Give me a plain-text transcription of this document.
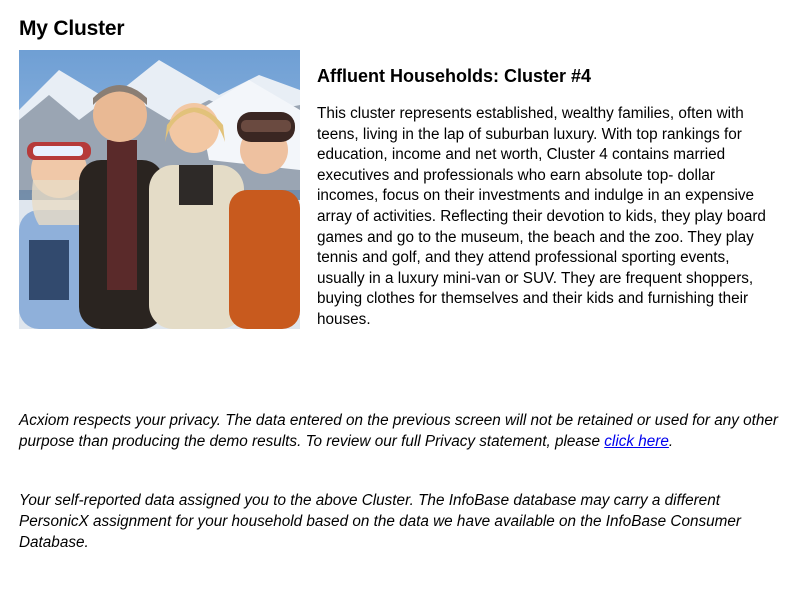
My Cluster
Affluent Households: Cluster #4

This cluster represents established, wealthy families, often with teens, living in the lap of suburban luxury. With top rankings for education, income and net worth, Cluster 4 contains married executives and professionals who earn absolute top- dollar incomes, focus on their investments and indulge in an expensive array of activities. Reflecting their devotion to kids, they play board games and go to the museum, the beach and the zoo. They play tennis and golf, and they attend professional sporting events, usually in a luxury mini-van or SUV. They are frequent shoppers, buying clothes for themselves and their kids and furnishing their houses.

Acxiom respects your privacy. The data entered on the previous screen will not be retained or used for any other purpose than producing the demo results. To review our full Privacy statement, please click here.

Your self-reported data assigned you to the above Cluster. The InfoBase database may carry a different PersonicX assignment for your household based on the data we have available on the InfoBase Consumer Database.
